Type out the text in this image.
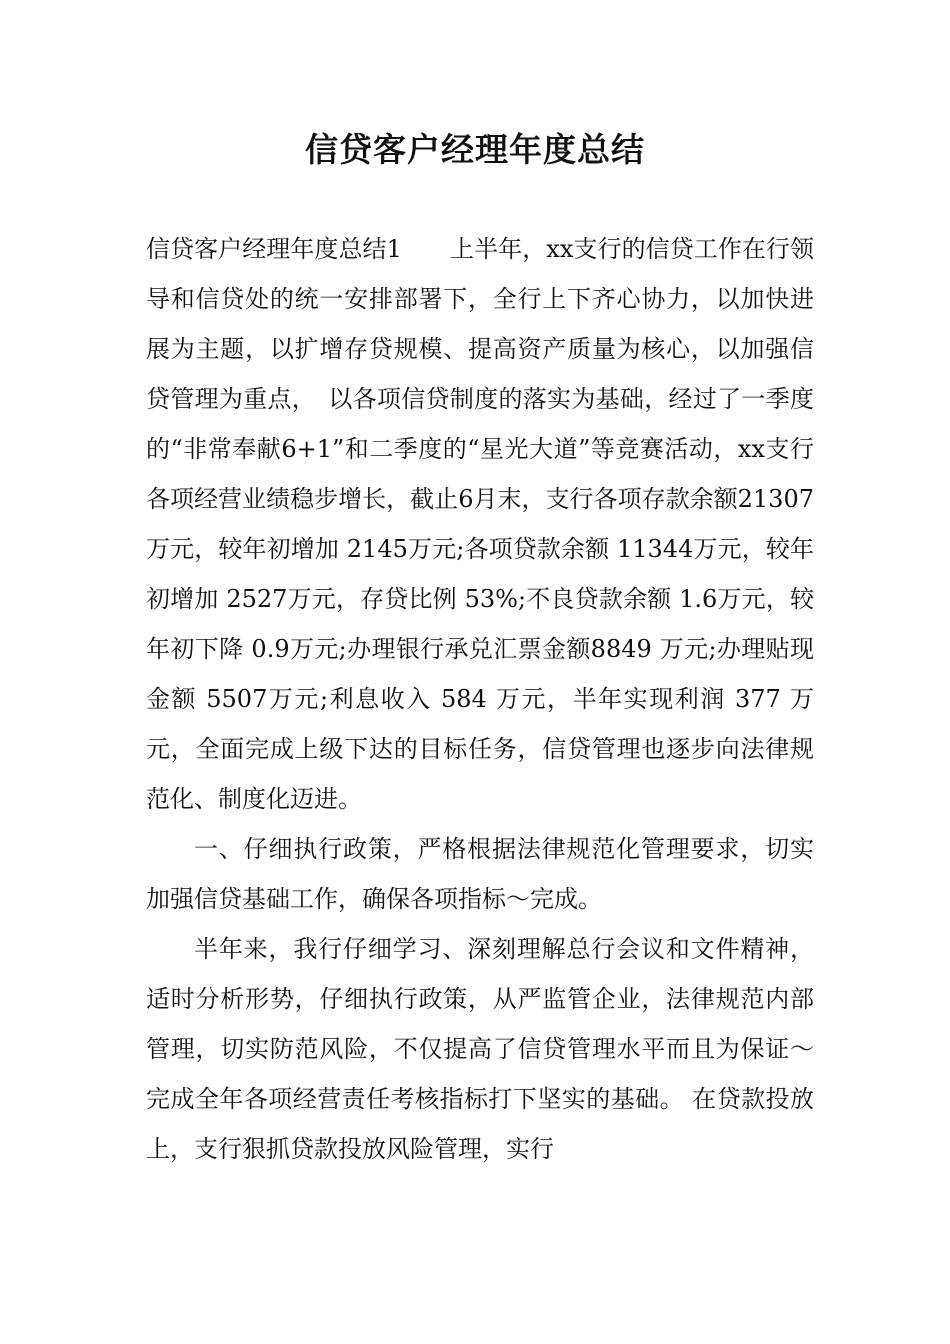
信贷客户经理年度总结

信贷客户经理年度总结1　　上半年，xx支行的信贷工作在行领导和信贷处的统一安排部署下，全行上下齐心协力，以加快进展为主题，以扩增存贷规模、提高资产质量为核心，以加强信贷管理为重点，　以各项信贷制度的落实为基础，经过了一季度的“非常奉献6+1”和二季度的“星光大道”等竞赛活动，xx支行各项经营业绩稳步增长，截止6月末，支行各项存款余额21307万元，较年初增加 2145万元;各项贷款余额 11344万元，较年初增加 2527万元，存贷比例 53%;不良贷款余额 1.6万元，较年初下降 0.9万元;办理银行承兑汇票金额8849 万元;办理贴现金额 5507万元;利息收入 584 万元，半年实现利润 377 万元，全面完成上级下达的目标任务，信贷管理也逐步向法律规范化、制度化迈进。

一、仔细执行政策，严格根据法律规范化管理要求，切实加强信贷基础工作，确保各项指标～完成。

半年来，我行仔细学习、深刻理解总行会议和文件精神，适时分析形势，仔细执行政策，从严监管企业，法律规范内部管理，切实防范风险，不仅提高了信贷管理水平而且为保证～完成全年各项经营责任考核指标打下坚实的基础。 在贷款投放上，支行狠抓贷款投放风险管理，实行
